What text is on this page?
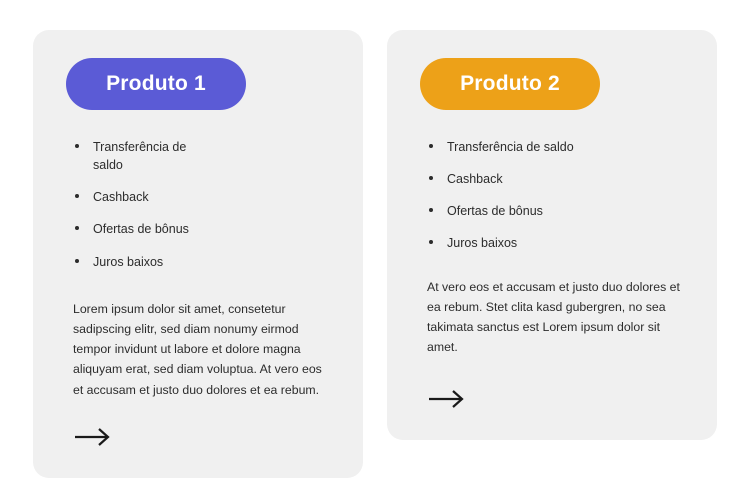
Produto 1
Transferência de saldo
Cashback
Ofertas de bônus
Juros baixos

Lorem ipsum dolor sit amet, consetetur sadipscing elitr, sed diam nonumy eirmod tempor invidunt ut labore et dolore magna aliquyam erat, sed diam voluptua. At vero eos et accusam et justo duo dolores et ea rebum.

Produto 2
Transferência de saldo
Cashback
Ofertas de bônus
Juros baixos

At vero eos et accusam et justo duo dolores et ea rebum. Stet clita kasd gubergren, no sea takimata sanctus est Lorem ipsum dolor sit amet.
